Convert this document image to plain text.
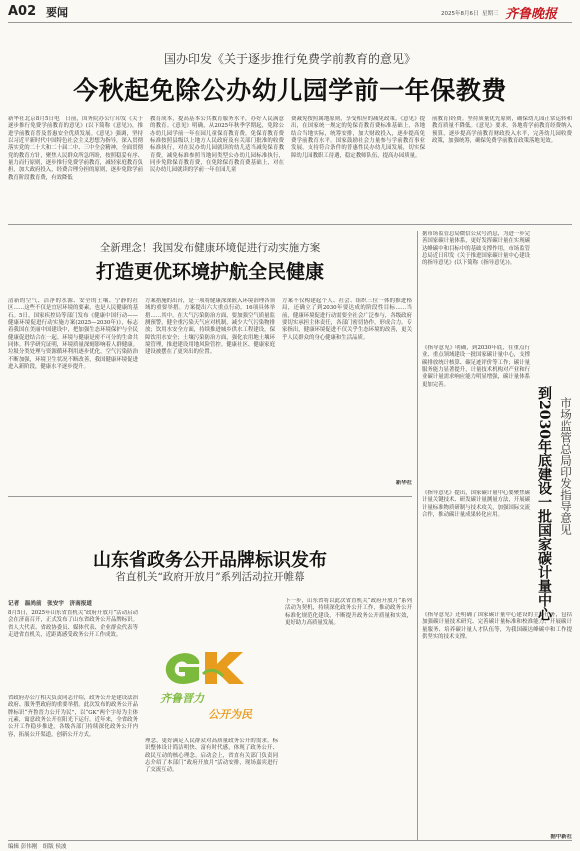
A02 要闻	2025年8月6日 星期三 齐鲁晚报
国办印发《关于逐步推行免费学前教育的意见》
今秋起免除公办幼儿园学前一年保教费
新华社北京8月5日电　日前，国务院办公厅印发《关于逐步推行免费学前教育的意见》(以下简称《意见》)，推进学前教育普及普惠安全优质发展。《意见》强调，坚持以习近平新时代中国特色社会主义思想为指导，深入贯彻落实党的二十大和二十届二中、三中全会精神，全面贯彻党的教育方针，聚焦人民群众所急所盼，按照稳妥有序、量力而行原则，逐步推行免费学前教育，减轻家庭教育负担，加大政府投入，经费合理分担的原则，逐步免除学前教育阶段教育费，有效降低
教育成本，提高基本公共教育服务水平，办好人民满意的教育。《意见》明确，从2025年秋季学期起，免除公办幼儿园学前一年在园儿童保育教育费。免保育教育费标准按照县级以上地方人民政府及有关部门批准的收费标准执行，对在民办幼儿园就读的幼儿适当减免保育教育费，减免标准参照当地同类型公办幼儿园标准执行，同步免除保育教育费，在免除保育教育费基础上，对在民办幼儿园就读的学前一年在园儿童
费减免按照属地原则，享受相应的减免政策。《意见》提出，在国家统一规定的免保育教育费标准基础上，各地结合当地实际，统筹安排，加大财政投入，逐步提高免费学前教育水平。国家鼓励社会力量参与学前教育事业发展，支持符合条件的普惠性民办幼儿园发展，切实保障幼儿园教职工待遇，稳定教师队伍，提高办园质量。
前教育)经费。坚持质量优先原则，确保幼儿园正常运转和教育质量不降低。《意见》要求，各地将学前教育经费纳入预算，逐步提高学前教育财政投入水平，完善幼儿园收费政策，加强统筹，确保免费学前教育政策落地见效。
全新理念！我国发布健康环境促进行动实施方案
打造更优环境护航全民健康
清新的空气、洁净的水源、安全的土壤、宁静的社区……这些不仅是宜居环境的要素，也是人民健康的基石。5日，国家疾控局等部门发布《健康中国行动——健康环境促进行动实施方案(2025—2030年)》，标志着我国在美丽中国建设中，把加强生态环境保护与全民健康促进结合在一起。环境与健康是密不可分的生命共同体。科学研究证明，环境质量深刻影响着人群健康。垃圾分类处理与资源循环利用逐步优化，空气污染防治不断加强，环境卫生状况不断改善，我国健康环境促进进入新阶段，健康水平逐步提升。
方案措施的出台，是一项将健康深深嵌入环境治理各领域的重要举措。方案提出六大重点行动，16项具体举措……其中，在大气污染防治方面，要加强空气质量监测预警，健全重污染天气应对机制，减少大气污染物排放；饮用水安全方面，持续推进城乡供水工程建设，保障饮用水安全；土壤污染防治方面，强化农用地土壤环境管理，推进建设用地风险管控。健康社区、健康家庭建设被摆在了更突出的位置。
方案不仅构建起个人、社会、组织三位一体的推进格局，还确立了到2030年要达成的阶段性目标……当前，健康环境促进行动需要全社会广泛参与，各级政府要切实承担主体责任，各部门密切协作，形成合力。专家指出，健康环境促进不仅关乎生态环境的改善，更关乎人民群众的身心健康和生活品质。
新华社
据市场监管总局微信公众号消息，为进一步完善国家碳计量体系，更好发挥碳计量在实现碳达峰碳中和目标中的基础支撑作用，市场监管总局近日印发《关于推进国家碳计量中心建设的指导意见》(以下简称《指导意见》)。
到2030年底建设一批国家碳计量中心 市场监管总局印发指导意见
《指导意见》明确，到2030年底，在重点行业、重点领域建设一批国家碳计量中心，支撑碳排放统计核算、碳足迹评价等工作；碳计量服务能力显著提升，计量技术机构对产业和行业碳计量需求响应能力明显增强，碳计量体系更加完善。
《指导意见》提出，国家碳计量中心要聚焦碳计量关键技术、研发碳计量测量方法，开展碳计量标准物质研制与技术攻关，加强国际交流合作，推动碳计量成果转化应用。
《指导意见》还明确了国家碳计量中心建设的主要任务，包括加强碳计量技术研究、完善碳计量标准和校准能力、开展碳计量服务、培养碳计量人才队伍等，为我国碳达峰碳中和工作提供坚实的技术支撑。
据中新社
山东省政务公开品牌标识发布
省直机关“政府开放月”系列活动拉开帷幕
记者　温尚前　张安宇　济南报道
8月5日，2025年山东省直机关“政府开放月”活动启动会在济南召开，正式发布了山东省政务公开品牌标识。省人大代表、省政协委员、媒体代表、企业群众代表等走进省直机关，近距离感受政务公开工作成效。
省政府办公厅相关负责同志介绍，政务公开是建设法治政府、服务型政府的重要举措。此次发布的政务公开品牌标识“齐鲁晋力公开为民”，以“GK”两个字母为主体元素，寓意政务公开在阳光下运行。近年来，全省政务公开工作稳步推进，各级各部门持续深化政务公开内容，拓展公开渠道，创新公开方式。
齐鲁晋力
公开为民
理念，更好满足人民群众对高质量政务公开的需求。标识整体设计简洁明快、富有时代感，体现了政务公开、政民互动的核心理念。启动会上，省直有关部门负责同志介绍了本部门“政府开放月”活动安排，现场嘉宾进行了交流互动。
下一步，山东省将以此次省直机关“政府开放月”系列活动为契机，持续深化政务公开工作，推动政务公开标准化规范化建设，不断提升政务公开质量和实效，更好助力高质量发展。
编辑 彭伟刚　组版 侯波
